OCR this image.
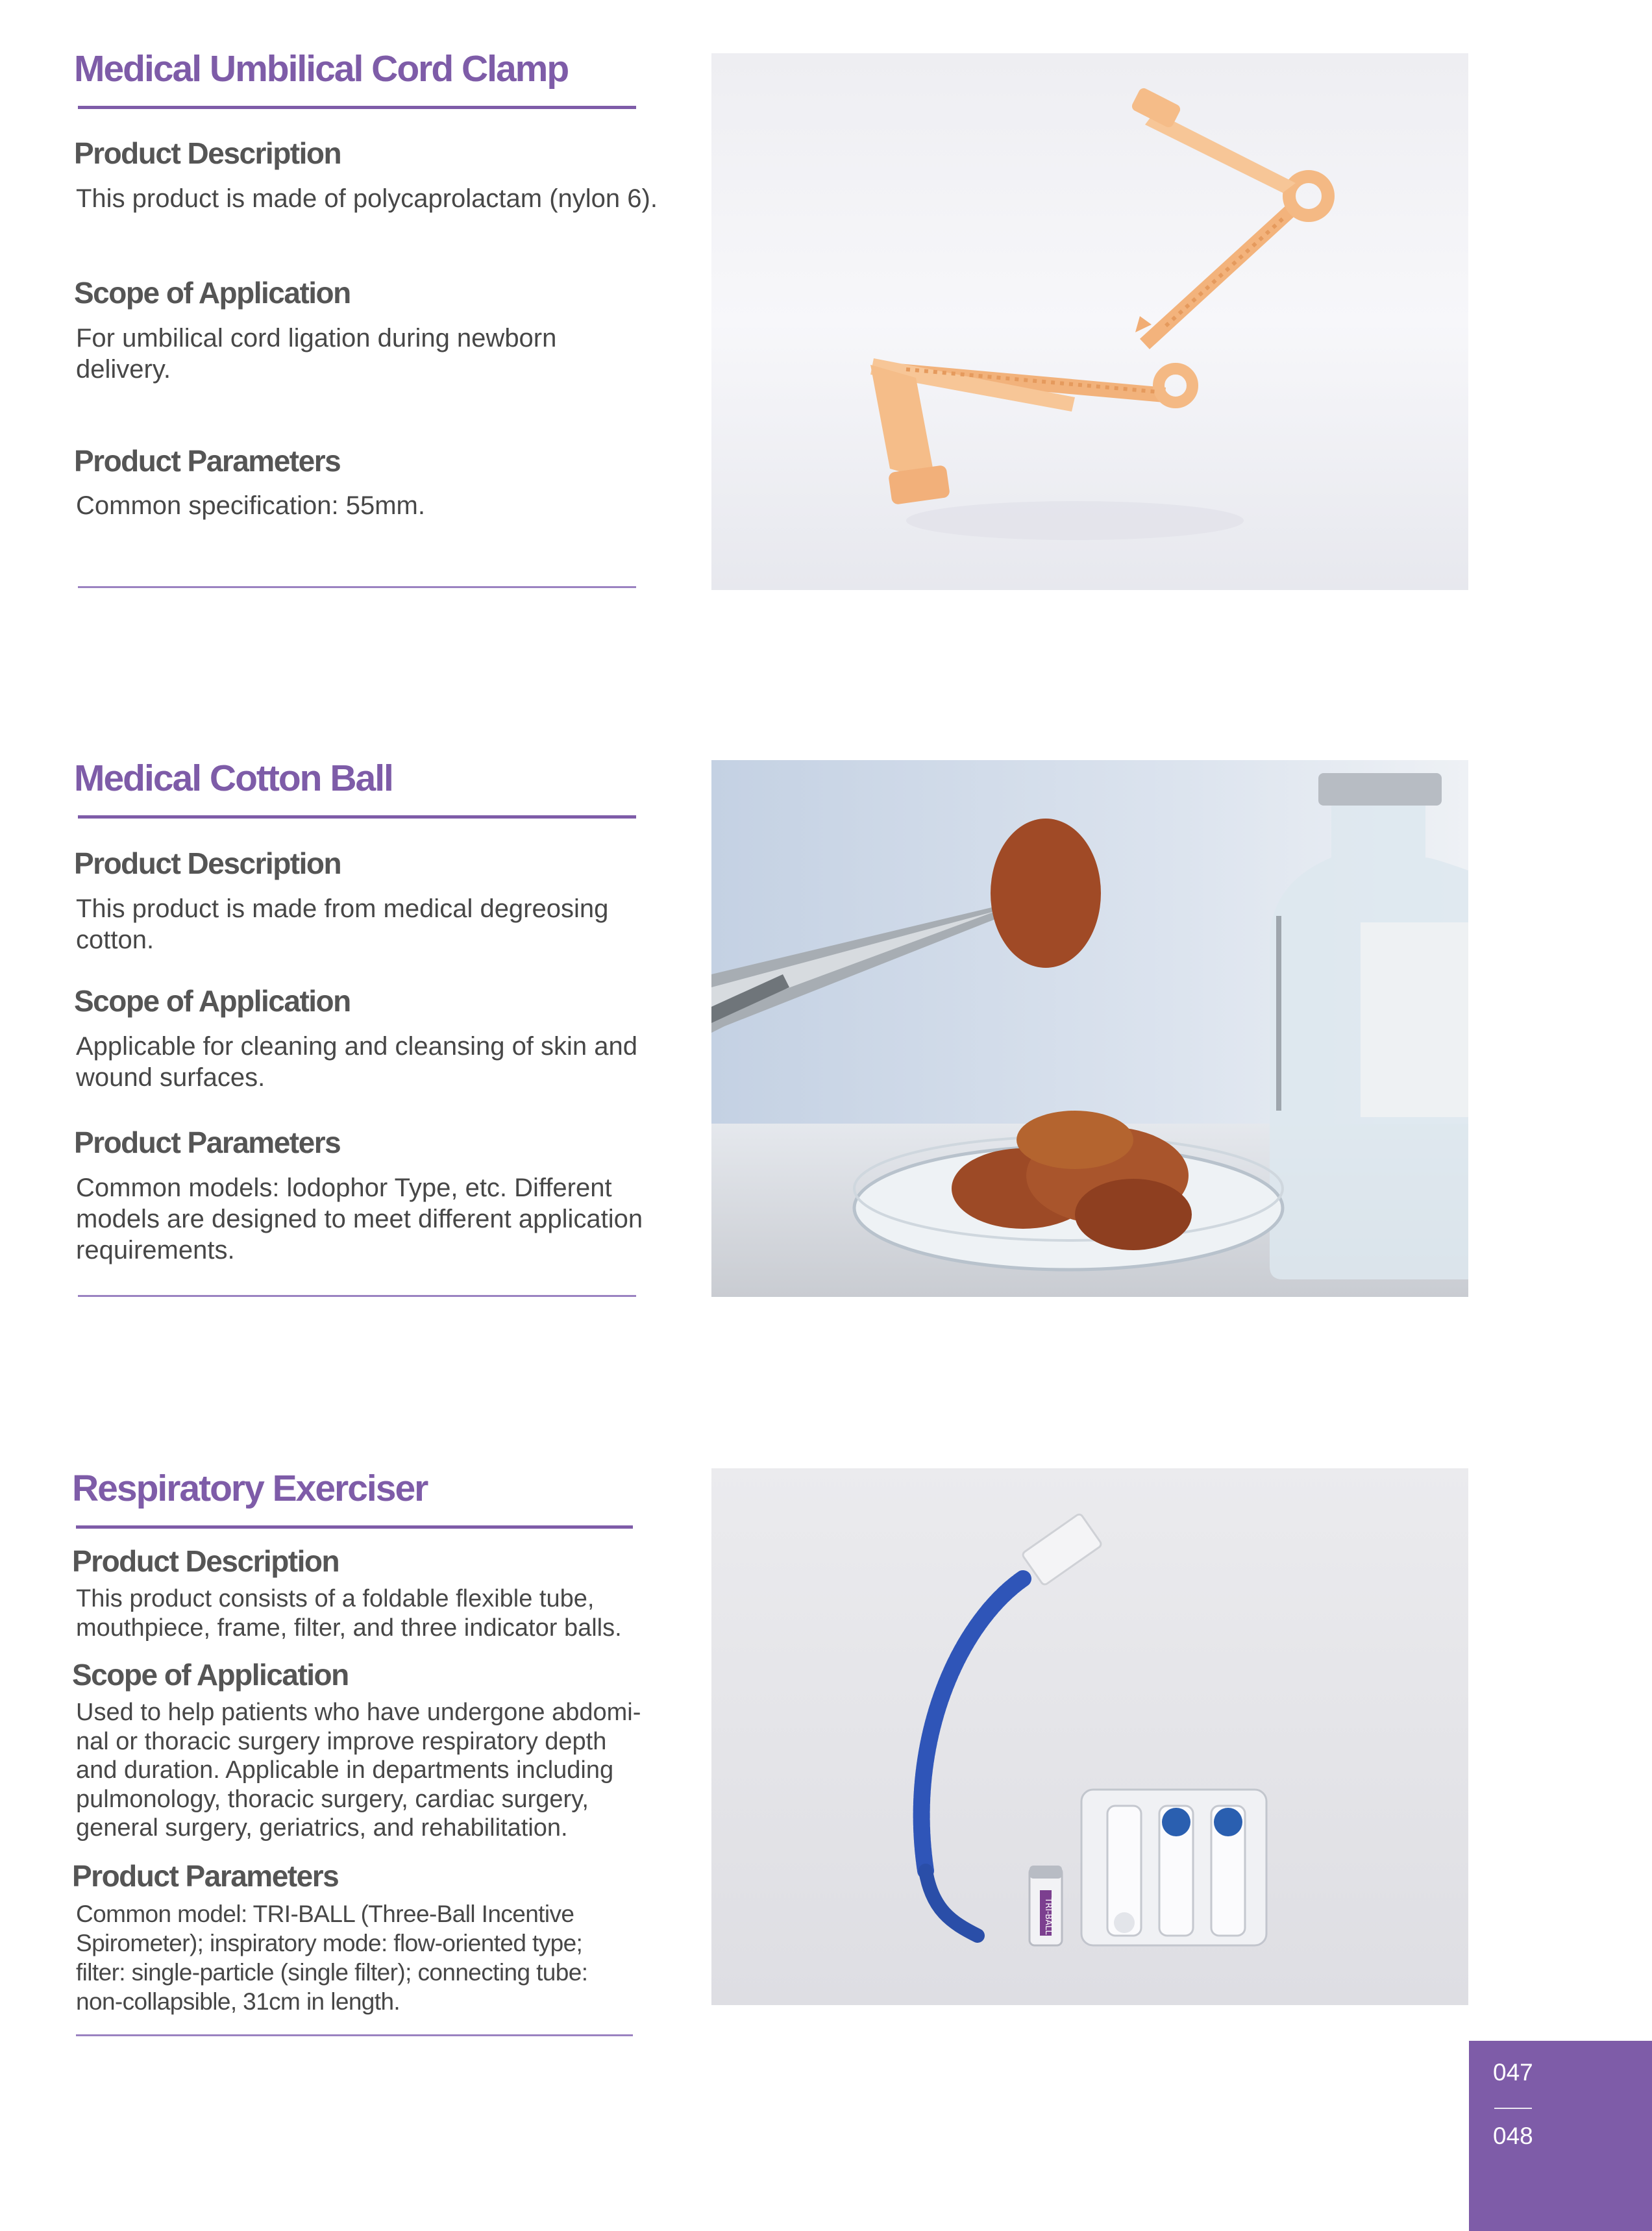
Medical Umbilical Cord Clamp
Product Description

This product is made of polycaprolactam (nylon 6).

Scope of Application

For umbilical cord ligation during newborn delivery.

Product Parameters

Common specification: 55mm.

Medical Cotton Ball
Product Description

This product is made from medical degreosing cotton.

Scope of Application

Applicable for cleaning and cleansing of skin and wound surfaces.

Product Parameters

Common models: lodophor Type, etc. Different models are designed to meet different application requirements.

Respiratory Exerciser
Product Description

This product consists of a foldable flexible tube, mouthpiece, frame, filter, and three indicator balls.

Scope of Application

Used to help patients who have undergone abdomi-nal or thoracic surgery improve respiratory depth and duration. Applicable in departments including pulmonology, thoracic surgery, cardiac surgery, general surgery, geriatrics, and rehabilitation.

Product Parameters

Common model: TRI-BALL (Three-Ball Incentive Spirometer); inspiratory mode: flow-oriented type; filter: single-particle (single filter); connecting tube: non-collapsible, 31cm in length.

TRI-BALL
047
048
